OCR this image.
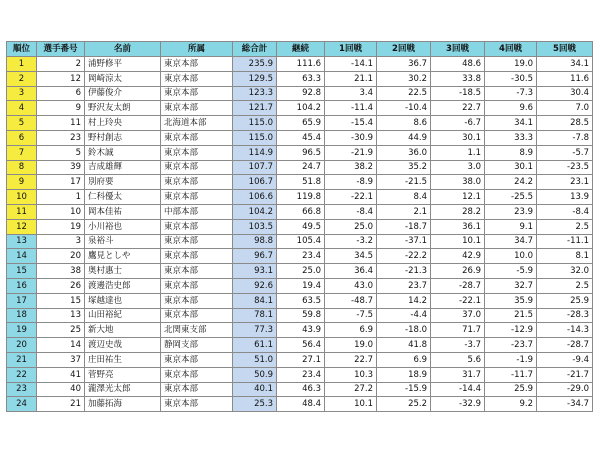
順位	選手番号	名前	所属	総合計	継続	1回戦	2回戦	3回戦	4回戦	5回戦
1	2	浦野修平	東京本部	235.9	111.6	-14.1	36.7	48.6	19.0	34.1
2	12	岡崎涼太	東京本部	129.5	63.3	21.1	30.2	33.8	-30.5	11.6
3	6	伊藤俊介	東京本部	123.3	92.8	3.4	22.5	-18.5	-7.3	30.4
4	9	野沢友太朗	東京本部	121.7	104.2	-11.4	-10.4	22.7	9.6	7.0
5	11	村上玲央	北海道本部	115.0	65.9	-15.4	8.6	-6.7	34.1	28.5
6	23	野村創志	東京本部	115.0	45.4	-30.9	44.9	30.1	33.3	-7.8
7	5	鈴木誠	東京本部	114.9	96.5	-21.9	36.0	1.1	8.9	-5.7
8	39	吉成雄輝	東京本部	107.7	24.7	38.2	35.2	3.0	30.1	-23.5
9	17	別府要	東京本部	106.7	51.8	-8.9	-21.5	38.0	24.2	23.1
10	1	仁科優太	東京本部	106.6	119.8	-22.1	8.4	12.1	-25.5	13.9
11	10	岡本佳祐	中部本部	104.2	66.8	-8.4	2.1	28.2	23.9	-8.4
12	19	小川裕也	東京本部	103.5	49.5	25.0	-18.7	36.1	9.1	2.5
13	3	泉裕斗	東京本部	98.8	105.4	-3.2	-37.1	10.1	34.7	-11.1
14	20	鷹見としや	東京本部	96.7	23.4	34.5	-22.2	42.9	10.0	8.1
15	38	奥村惠士	東京本部	93.1	25.0	36.4	-21.3	26.9	-5.9	32.0
16	26	渡邊浩史郎	東京本部	92.6	19.4	43.0	23.7	-28.7	32.7	2.5
17	15	塚越達也	東京本部	84.1	63.5	-48.7	14.2	-22.1	35.9	25.9
18	13	山田裕紀	東京本部	78.1	59.8	-7.5	-4.4	37.0	21.5	-28.3
19	25	新大地	北関東支部	77.3	43.9	6.9	-18.0	71.7	-12.9	-14.3
20	14	渡辺史哉	静岡支部	61.1	56.4	19.0	41.8	-3.7	-23.7	-28.7
21	37	庄田祐生	東京本部	51.0	27.1	22.7	6.9	5.6	-1.9	-9.4
22	41	菅野亮	東京本部	50.9	23.4	10.3	18.9	31.7	-11.7	-21.7
23	40	瀧澤光太郎	東京本部	40.1	46.3	27.2	-15.9	-14.4	25.9	-29.0
24	21	加藤拓海	東京本部	25.3	48.4	10.1	25.2	-32.9	9.2	-34.7
